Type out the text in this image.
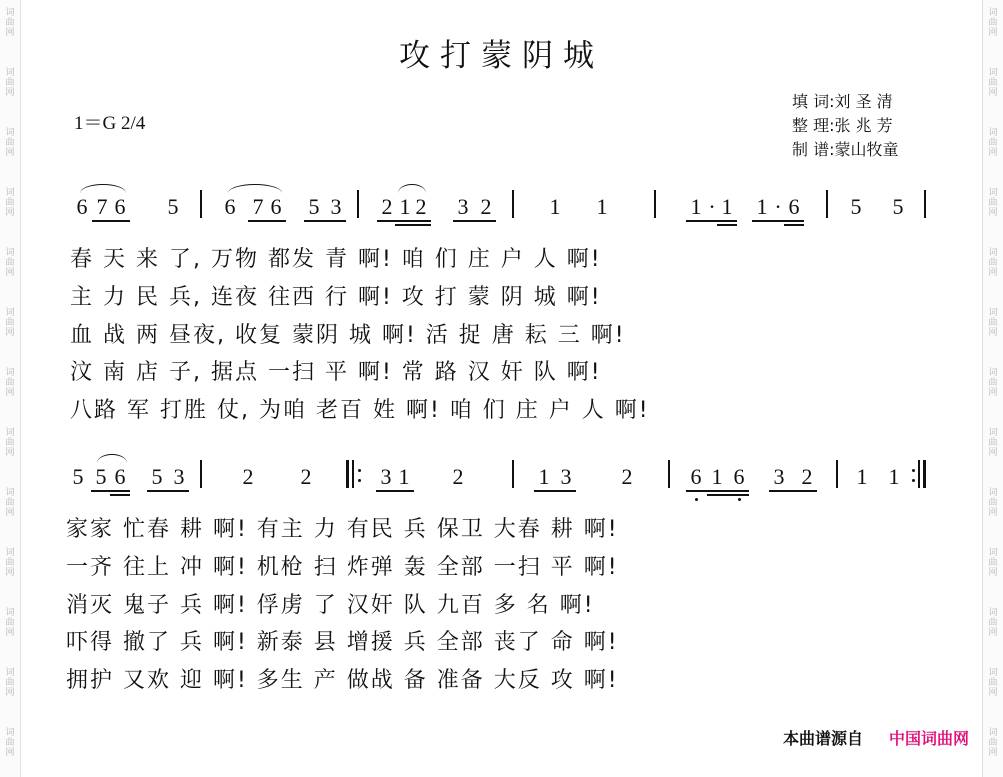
词
曲
网
词
曲
网
词
曲
网
词
曲
网
词
曲
网
词
曲
网
词
曲
网
词
曲
网
词
曲
网
词
曲
网
词
曲
网
词
曲
网
词
曲
网
词
曲
网
词
曲
网
词
曲
网
词
曲
网
词
曲
网
词
曲
网
词
曲
网
词
曲
网
词
曲
网
词
曲
网
词
曲
网
词
曲
网
词
曲
网
攻打蒙阴城
1＝G 2/4
填 词:刘 圣 清
整 理:张 兆 芳
制 谱:蒙山牧童
6 7 6 5 6 7 6 5 3 2 1 2 3 2	1 1	1 · 1 1 · 6 5 5
春 天 来 了, 万物 都发 青 啊! 咱 们 庄 户 人 啊!
主 力 民 兵, 连夜 往西 行 啊! 攻 打 蒙 阴 城 啊!
血 战 两 昼夜, 收复 蒙阴 城 啊! 活 捉 唐 耘 三 啊!
汶 南 店 子, 据点 一扫 平 啊! 常 路 汉 奸 队 啊!
八路 军 打胜 仗, 为咱 老百 姓 啊! 咱 们 庄 户 人 啊!
5 5 6 5 3	2 2	3 1 2	1 3 2	6 1 6 3 2 1 1
家家 忙春 耕 啊! 有主 力 有民 兵 保卫 大春 耕 啊!
一齐 往上 冲 啊! 机枪 扫 炸弹 轰 全部 一扫 平 啊!
消灭 鬼子 兵 啊! 俘虏 了 汉奸 队 九百 多 名 啊!
吓得 撤了 兵 啊! 新泰 县 增援 兵 全部 丧了 命 啊!
拥护 又欢 迎 啊! 多生 产 做战 备 准备 大反 攻 啊!
本曲谱源自 中国词曲网
